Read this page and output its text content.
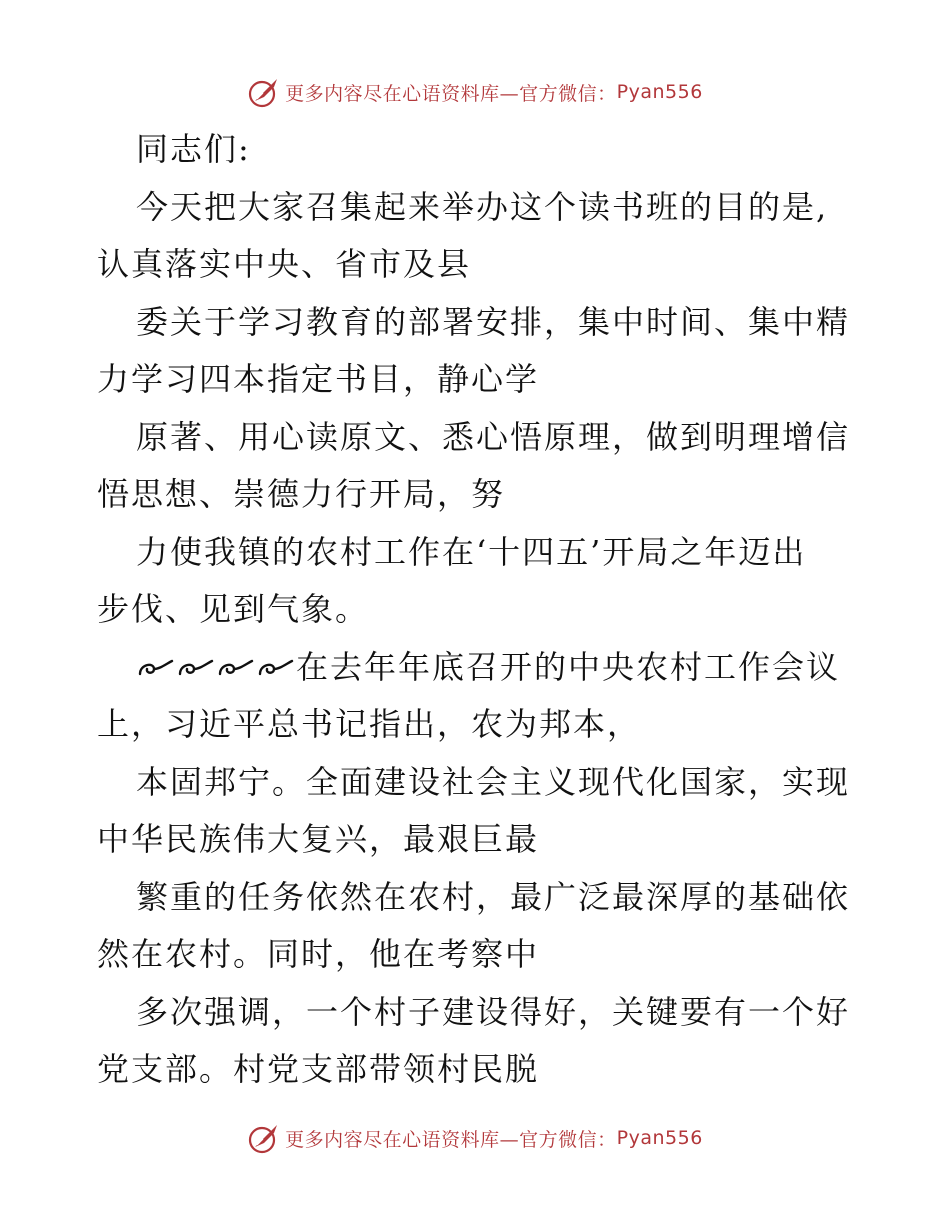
更多内容尽在心语资料库—官方微信： Pyan556
同志们:
今天把大家召集起来举办这个读书班的目的是,
认真落实中央、省市及县
委关于学习教育的部署安排，集中时间、集中精
力学习四本指定书目，静心学
原著、用心读原文、悉心悟原理，做到明理增信
悟思想、崇德力行开局，努
力使我镇的农村工作在‘十四五’开局之年迈出
步伐、见到气象。
在去年年底召开的中央农村工作会议
上，习近平总书记指出，农为邦本，
本固邦宁。全面建设社会主义现代化国家，实现
中华民族伟大复兴，最艰巨最
繁重的任务依然在农村，最广泛最深厚的基础依
然在农村。同时，他在考察中
多次强调，一个村子建设得好，关键要有一个好
党支部。村党支部带领村民脱
更多内容尽在心语资料库—官方微信： Pyan556
